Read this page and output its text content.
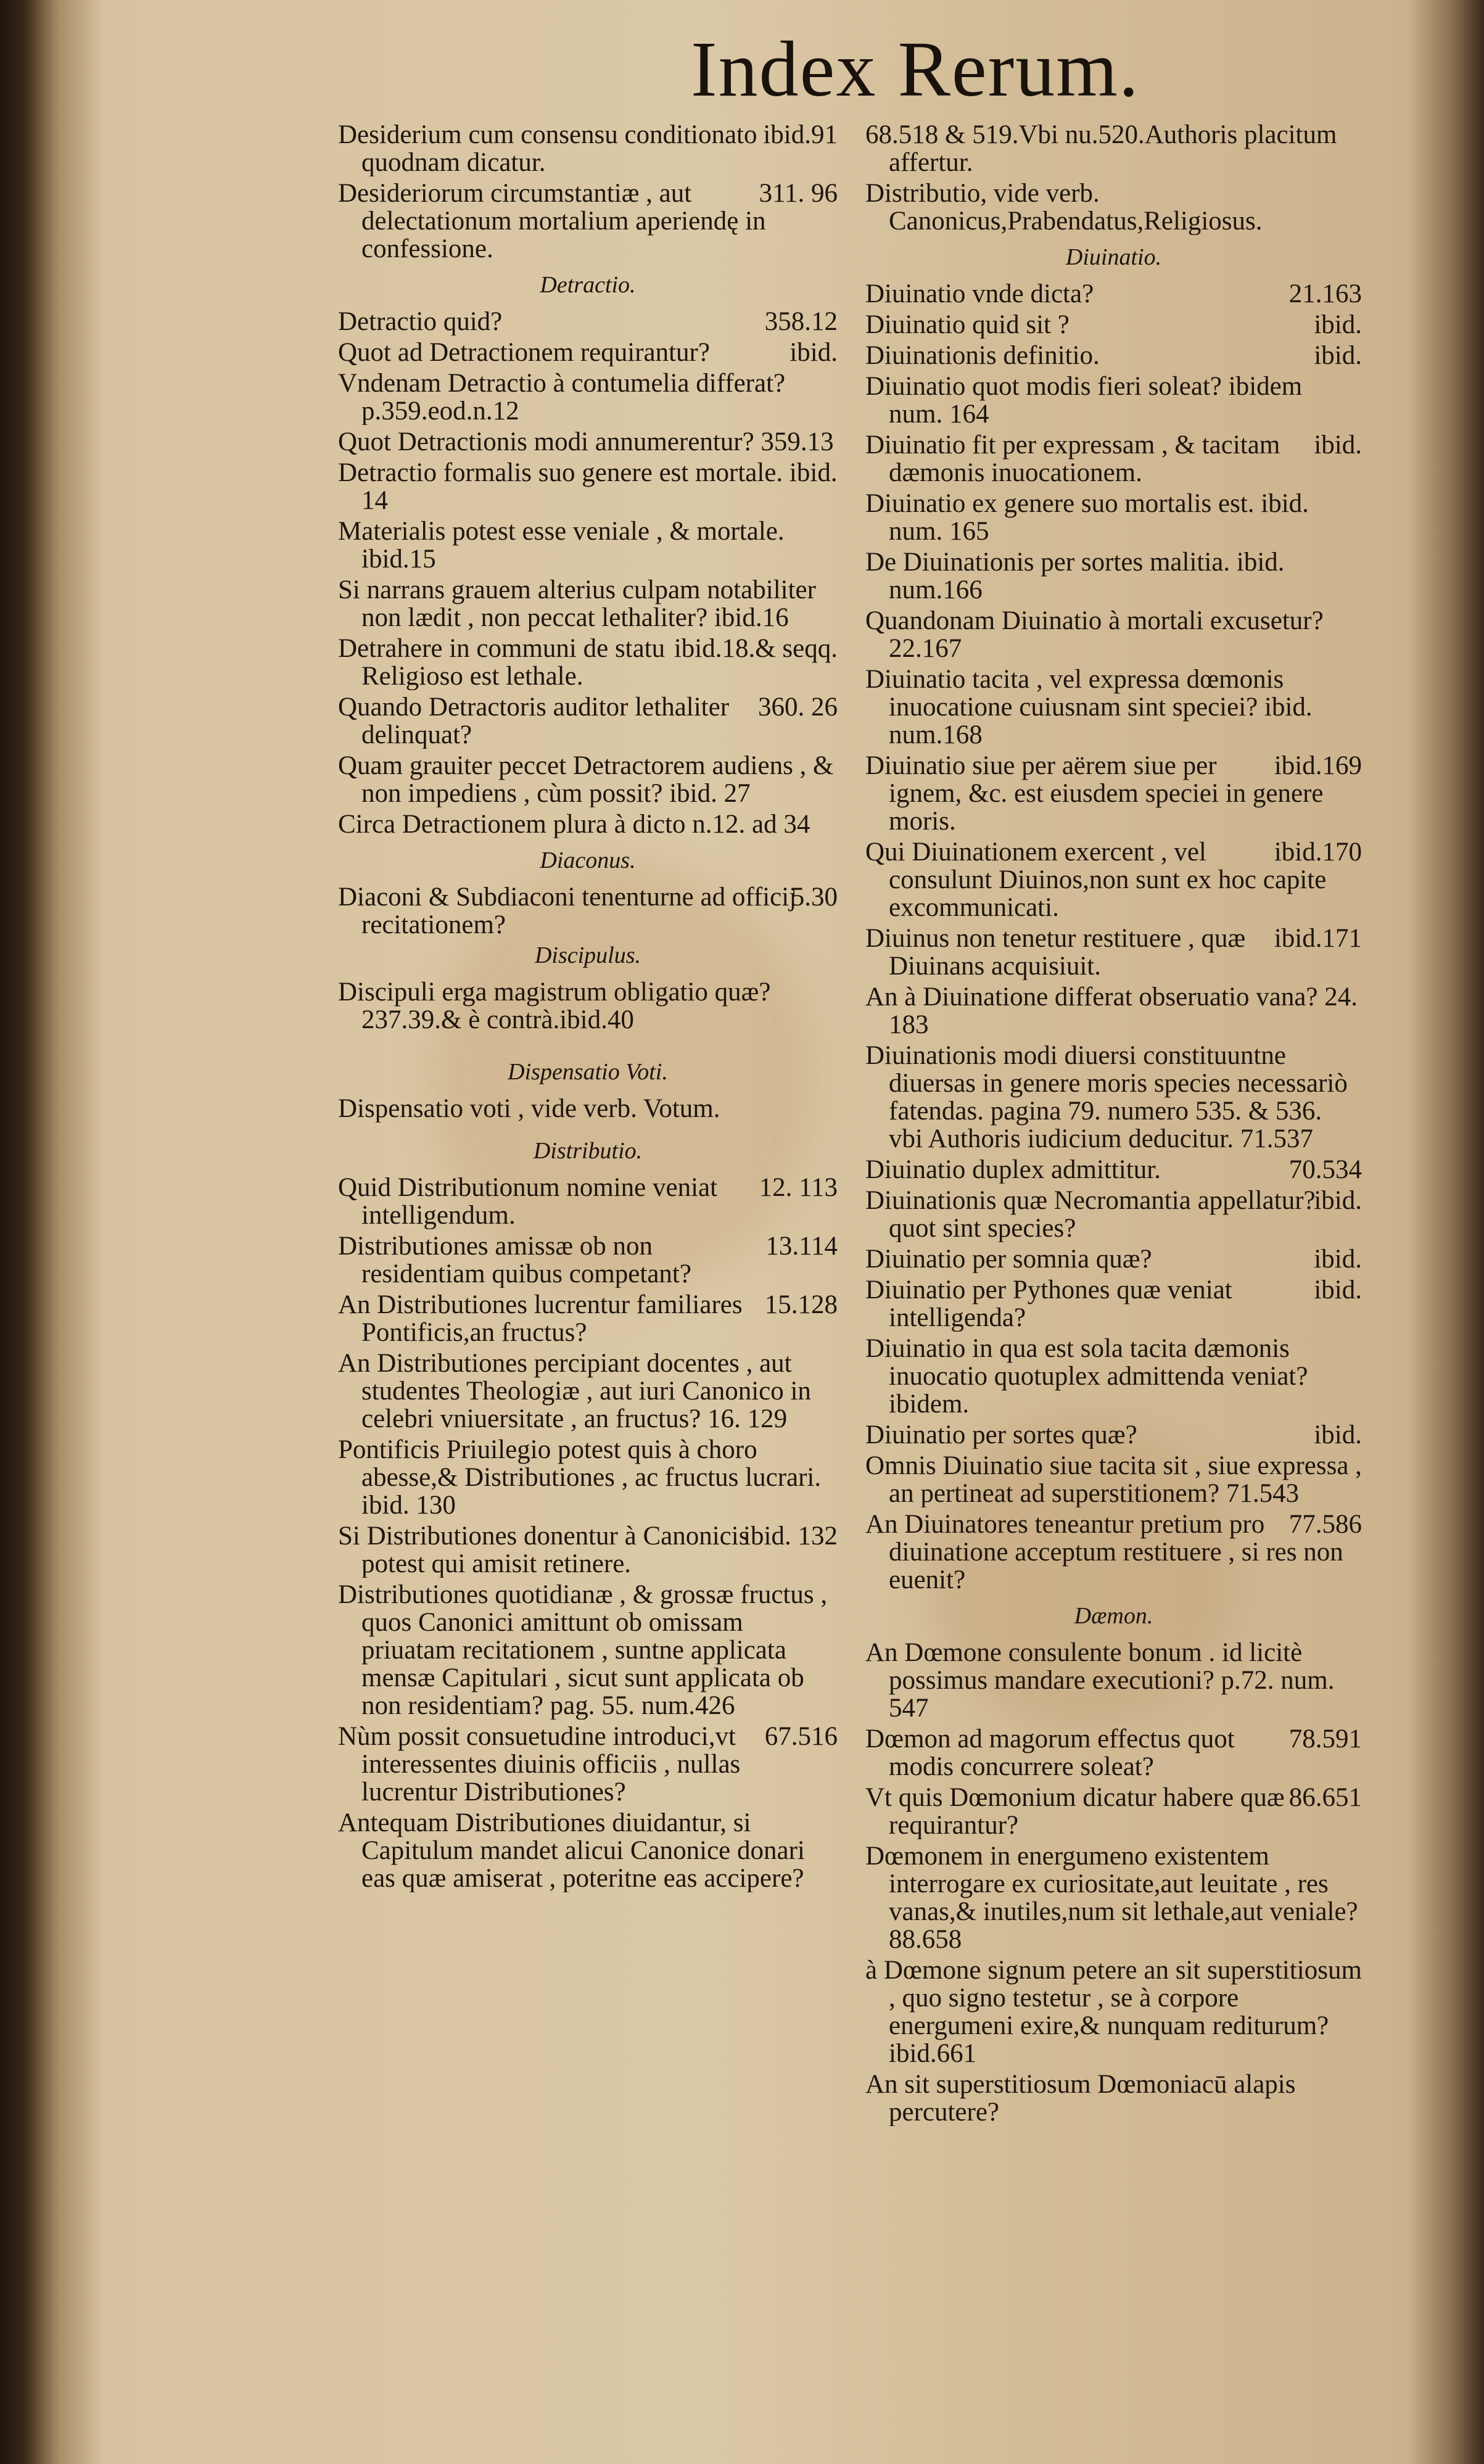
Index Rerum.
ibid.91
Desiderium cum consensu conditionato quodnam dicatur.
311. 96
Desideriorum circumstantiæ , aut delectationum mortalium aperiendę in confessione.
Detractio.
358.12
Detractio quid?
ibid.
Quot ad Detractionem requirantur?
Vndenam Detractio à contumelia differat? p.359.eod.n.12
Quot Detractionis modi annumerentur? 359.13
Detractio formalis suo genere est mortale. ibid. 14
Materialis potest esse veniale , & mortale. ibid.15
Si narrans grauem alterius culpam notabiliter non lædit , non peccat lethaliter? ibid.16
ibid.18.& seqq.
Detrahere in communi de statu Religioso est lethale.
360. 26
Quando Detractoris auditor lethaliter delinquat?
Quam grauiter peccet Detractorem audiens , & non impediens , cùm possit? ibid. 27
Circa Detractionem plura à dicto n.12. ad 34
Diaconus.
5.30
Diaconi & Subdiaconi tenenturne ad officij recitationem?
Discipulus.
Discipuli erga magistrum obligatio quæ? 237.39.& è contrà.ibid.40
Dispensatio Voti.
Dispensatio voti , vide verb. Votum.
Distributio.
12. 113
Quid Distributionum nomine veniat intelligendum.
13.114
Distributiones amissæ ob non residentiam quibus competant?
15.128
An Distributiones lucrentur familiares Pontificis,an fructus?
An Distributiones percipiant docentes , aut studentes Theologiæ , aut iuri Canonico in celebri vniuersitate , an fructus? 16. 129
Pontificis Priuilegio potest quis à choro abesse,& Distributiones , ac fructus lucrari. ibid. 130
ibid. 132
Si Distributiones donentur à Canonicis potest qui amisit retinere.
Distributiones quotidianæ , & grossæ fructus , quos Canonici amittunt ob omissam priuatam recitationem , suntne applicata mensæ Capitulari , sicut sunt applicata ob non residentiam? pag. 55. num.426
67.516
Nùm possit consuetudine introduci,vt interessentes diuinis officiis , nullas lucrentur Distributiones?
Antequam Distributiones diuidantur, si Capitulum mandet alicui Canonice donari eas quæ amiserat , poteritne eas accipere?
68.518 & 519.Vbi nu.520.Authoris placitum affertur.
Distributio, vide verb. Canonicus,Prabendatus,Religiosus.
Diuinatio.
21.163
Diuinatio vnde dicta?
ibid.
Diuinatio quid sit ?
ibid.
Diuinationis definitio.
Diuinatio quot modis fieri soleat? ibidem num. 164
ibid.
Diuinatio fit per expressam , & tacitam dæmonis inuocationem.
Diuinatio ex genere suo mortalis est. ibid. num. 165
De Diuinationis per sortes malitia. ibid. num.166
Quandonam Diuinatio à mortali excusetur? 22.167
Diuinatio tacita , vel expressa dœmonis inuocatione cuiusnam sint speciei? ibid. num.168
ibid.169
Diuinatio siue per aërem siue per ignem, &c. est eiusdem speciei in genere moris.
ibid.170
Qui Diuinationem exercent , vel consulunt Diuinos,non sunt ex hoc capite excommunicati.
ibid.171
Diuinus non tenetur restituere , quæ Diuinans acquisiuit.
An à Diuinatione differat obseruatio vana? 24. 183
Diuinationis modi diuersi constituuntne diuersas in genere moris species necessariò fatendas. pagina 79. numero 535. & 536. vbi Authoris iudicium deducitur. 71.537
70.534
Diuinatio duplex admittitur.
ibid.
Diuinationis quæ Necromantia appellatur? quot sint species?
ibid.
Diuinatio per somnia quæ?
ibid.
Diuinatio per Pythones quæ veniat intelligenda?
Diuinatio in qua est sola tacita dæmonis inuocatio quotuplex admittenda veniat? ibidem.
ibid.
Diuinatio per sortes quæ?
Omnis Diuinatio siue tacita sit , siue expressa , an pertineat ad superstitionem? 71.543
77.586
An Diuinatores teneantur pretium pro diuinatione acceptum restituere , si res non euenit?
Dæmon.
An Dœmone consulente bonum . id licitè possimus mandare executioni? p.72. num. 547
78.591
Dœmon ad magorum effectus quot modis concurrere soleat?
86.651
Vt quis Dœmonium dicatur habere quæ requirantur?
Dœmonem in energumeno existentem interrogare ex curiositate,aut leuitate , res vanas,& inutiles,num sit lethale,aut veniale? 88.658
à Dœmone signum petere an sit superstitiosum , quo signo testetur , se à corpore energumeni exire,& nunquam rediturum? ibid.661
An sit superstitiosum Dœmoniacū alapis percutere?
